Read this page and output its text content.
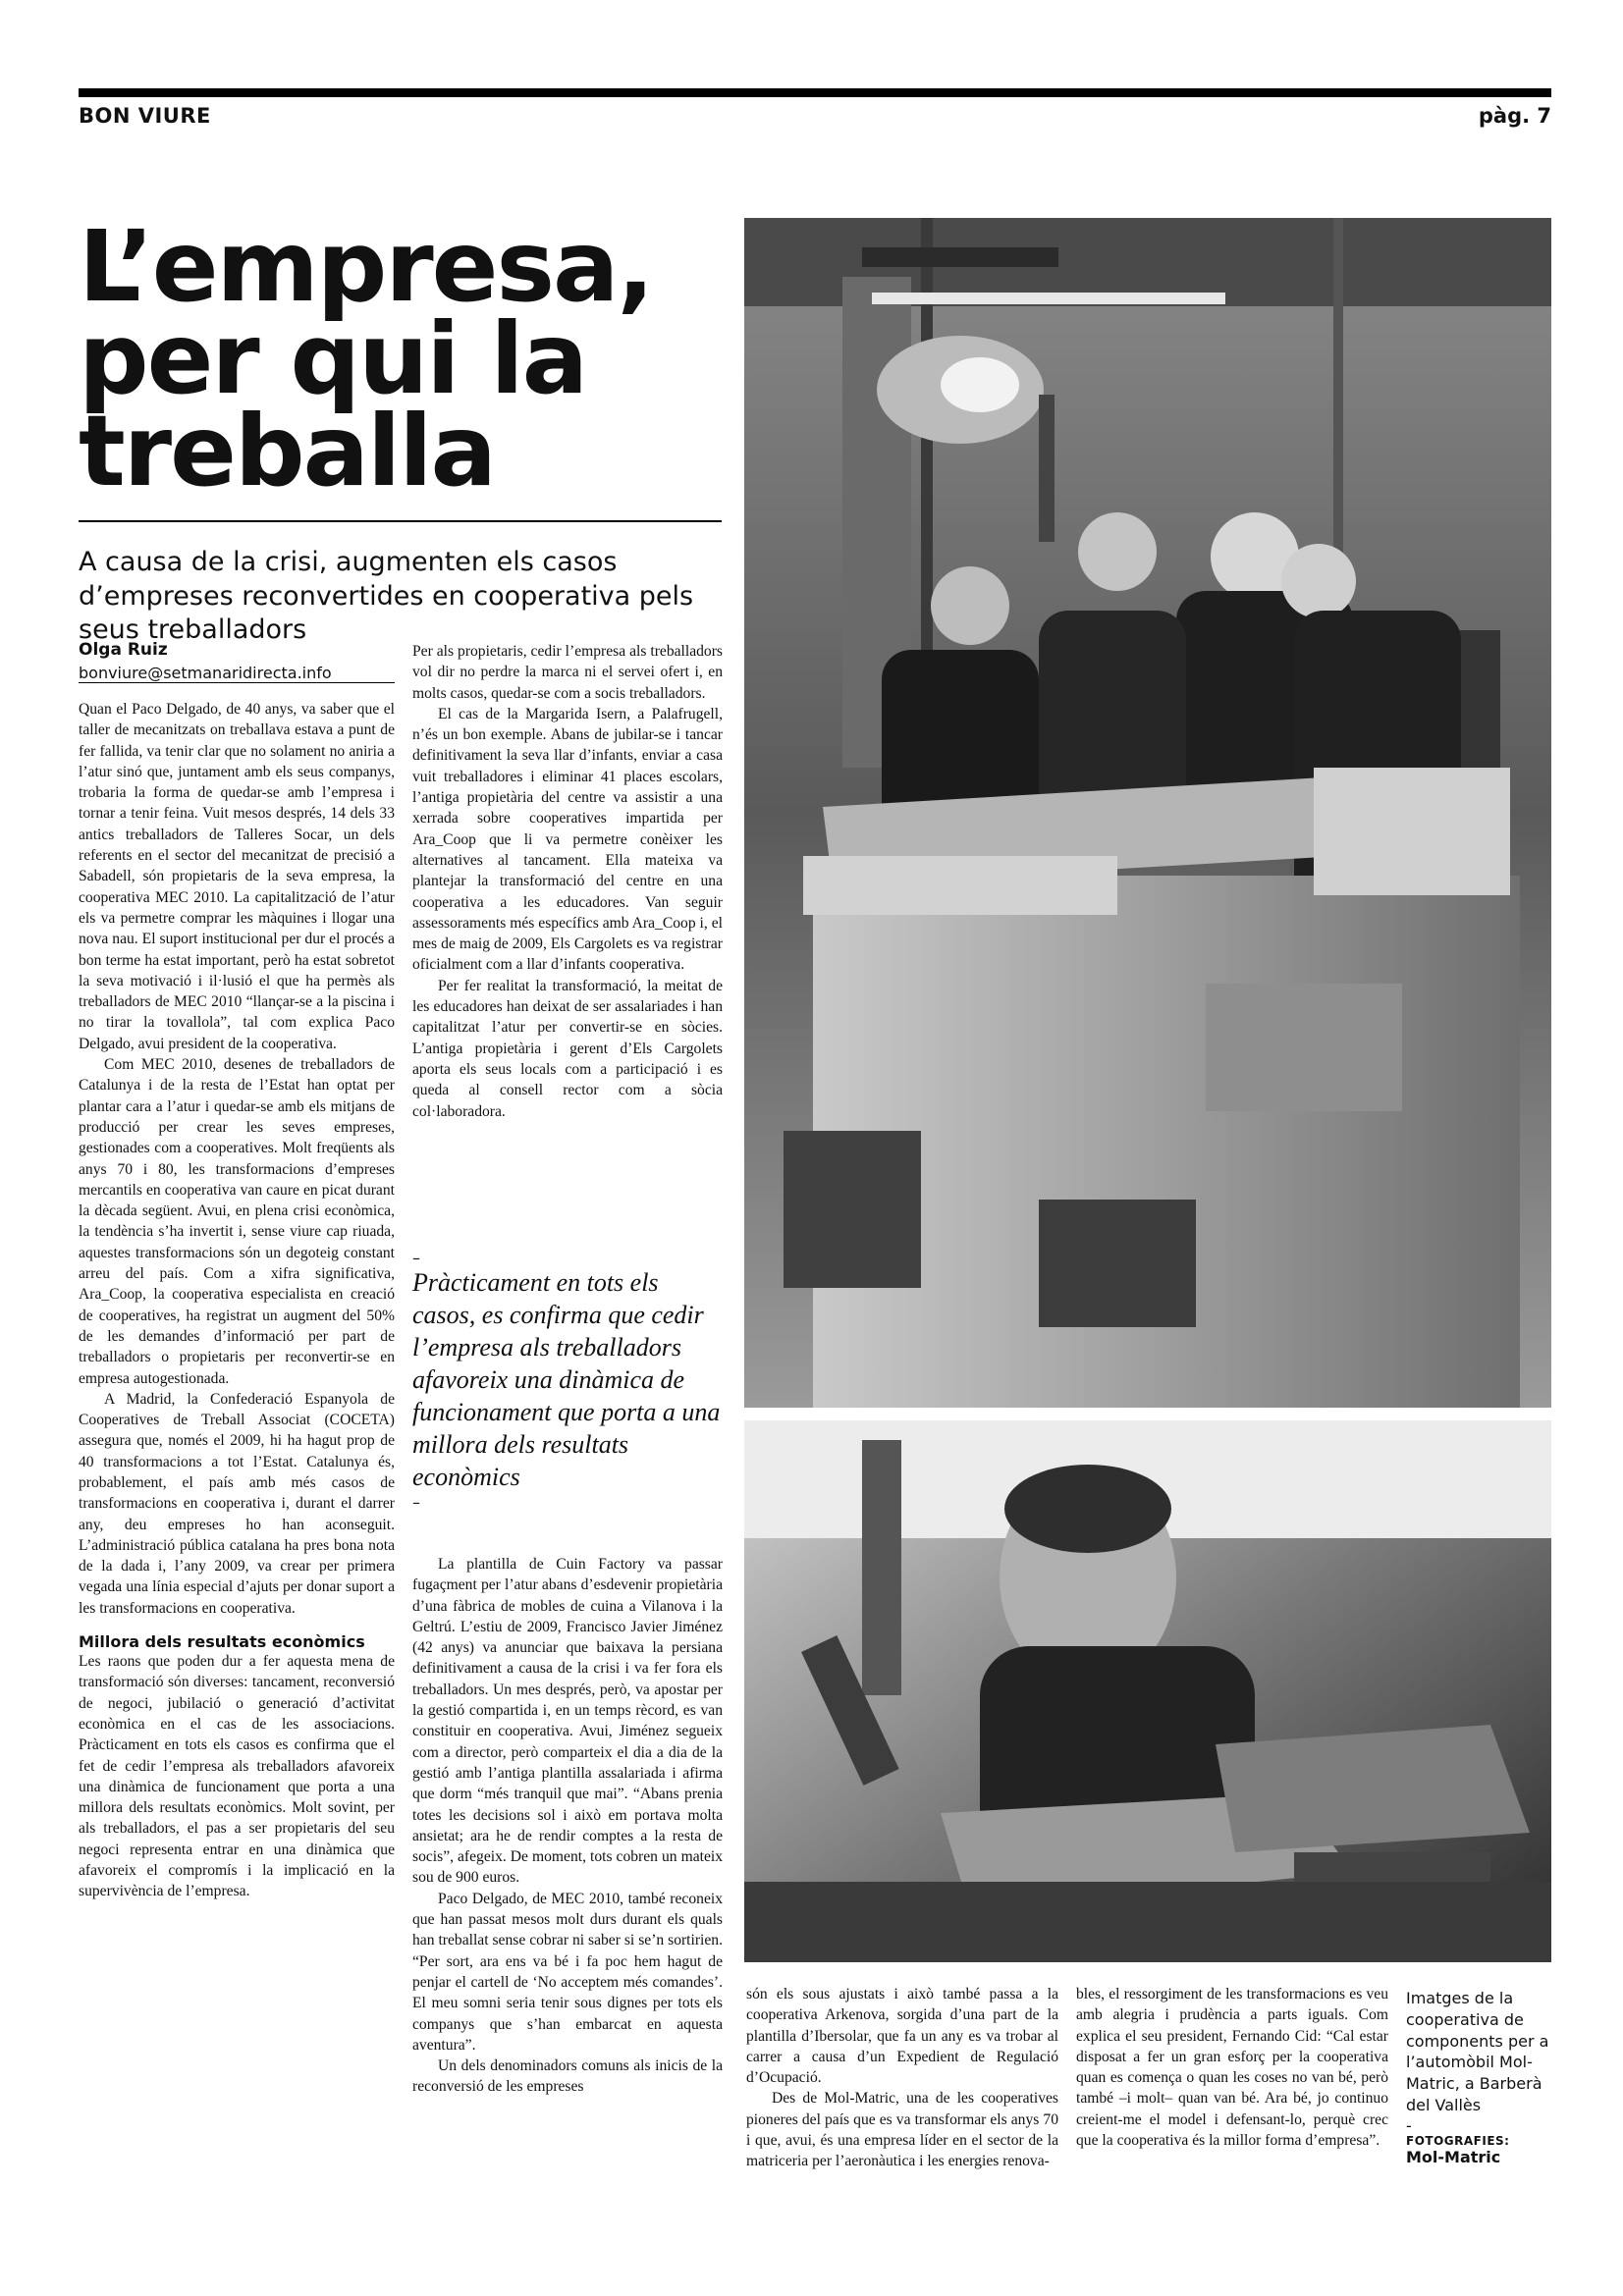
BON VIURE	pàg. 7
L’empresa,
per qui la
treballa
A causa de la crisi, augmenten els casos d’empreses reconvertides en cooperativa pels seus treballadors
Olga Ruiz
bonviure@setmanaridirecta.info

Quan el Paco Delgado, de 40 anys, va saber que el taller de mecanitzats on treballava estava a punt de fer fallida, va tenir clar que no solament no aniria a l’atur sinó que, juntament amb els seus companys, trobaria la forma de quedar-se amb l’empresa i tornar a tenir feina. Vuit mesos després, 14 dels 33 antics treballadors de Talleres Socar, un dels referents en el sector del mecanitzat de precisió a Sabadell, són propietaris de la seva empresa, la cooperativa MEC 2010. La capitalització de l’atur els va permetre comprar les màquines i llogar una nova nau. El suport institucional per dur el procés a bon terme ha estat important, però ha estat sobretot la seva motivació i il·lusió el que ha permès als treballadors de MEC 2010 “llançar-se a la piscina i no tirar la tovallola”, tal com explica Paco Delgado, avui president de la cooperativa.

Com MEC 2010, desenes de treballadors de Catalunya i de la resta de l’Estat han optat per plantar cara a l’atur i quedar-se amb els mitjans de producció per crear les seves empreses, gestionades com a cooperatives. Molt freqüents als anys 70 i 80, les transformacions d’empreses mercantils en cooperativa van caure en picat durant la dècada següent. Avui, en plena crisi econòmica, la tendència s’ha invertit i, sense viure cap riuada, aquestes transformacions són un degoteig constant arreu del país. Com a xifra significativa, Ara_Coop, la cooperativa especialista en creació de cooperatives, ha registrat un augment del 50% de les demandes d’informació per part de treballadors o propietaris per reconvertir-se en empresa autogestionada.

A Madrid, la Confederació Espanyola de Cooperatives de Treball Associat (COCETA) assegura que, només el 2009, hi ha hagut prop de 40 transformacions a tot l’Estat. Catalunya és, probablement, el país amb més casos de transformacions en cooperativa i, durant el darrer any, deu empreses ho han aconseguit. L’administració pública catalana ha pres bona nota de la dada i, l’any 2009, va crear per primera vegada una línia especial d’ajuts per donar suport a les transformacions en cooperativa.

Millora dels resultats econòmics

Les raons que poden dur a fer aquesta mena de transformació són diverses: tancament, reconversió de negoci, jubilació o generació d’activitat econòmica en el cas de les associacions. Pràcticament en tots els casos es confirma que el fet de cedir l’empresa als treballadors afavoreix una dinàmica de funcionament que porta a una millora dels resultats econòmics. Molt sovint, per als treballadors, el pas a ser propietaris del seu negoci representa entrar en una dinàmica que afavoreix el compromís i la implicació en la supervivència de l’empresa.

Per als propietaris, cedir l’empresa als treballadors vol dir no perdre la marca ni el servei ofert i, en molts casos, quedar-se com a socis treballadors.

El cas de la Margarida Isern, a Palafrugell, n’és un bon exemple. Abans de jubilar-se i tancar definitivament la seva llar d’infants, enviar a casa vuit treballadores i eliminar 41 places escolars, l’antiga propietària del centre va assistir a una xerrada sobre cooperatives impartida per Ara_Coop que li va permetre conèixer les alternatives al tancament. Ella mateixa va plantejar la transformació del centre en una cooperativa a les educadores. Van seguir assessoraments més específics amb Ara_Coop i, el mes de maig de 2009, Els Cargolets es va registrar oficialment com a llar d’infants cooperativa.

Per fer realitat la transformació, la meitat de les educadores han deixat de ser assalariades i han capitalitzat l’atur per convertir-se en sòcies. L’antiga propietària i gerent d’Els Cargolets aporta els seus locals com a participació i es queda al consell rector com a sòcia col·laboradora.

–
Pràcticament en tots els casos, es confirma que cedir l’empresa als treballadors afavoreix una dinàmica de funcionament que porta a una millora dels resultats econòmics
–

La plantilla de Cuin Factory va passar fugaçment per l’atur abans d’esdevenir propietària d’una fàbrica de mobles de cuina a Vilanova i la Geltrú. L’estiu de 2009, Francisco Javier Jiménez (42 anys) va anunciar que baixava la persiana definitivament a causa de la crisi i va fer fora els treballadors. Un mes després, però, va apostar per la gestió compartida i, en un temps rècord, es van constituir en cooperativa. Avui, Jiménez segueix com a director, però comparteix el dia a dia de la gestió amb l’antiga plantilla assalariada i afirma que dorm “més tranquil que mai”. “Abans prenia totes les decisions sol i això em portava molta ansietat; ara he de rendir comptes a la resta de socis”, afegeix. De moment, tots cobren un mateix sou de 900 euros.

Paco Delgado, de MEC 2010, també reconeix que han passat mesos molt durs durant els quals han treballat sense cobrar ni saber si se’n sortirien. “Per sort, ara ens va bé i fa poc hem hagut de penjar el cartell de ‘No acceptem més comandes’. El meu somni seria tenir sous dignes per tots els companys que s’han embarcat en aquesta aventura”.

Un dels denominadors comuns als inicis de la reconversió de les empreses

són els sous ajustats i això també passa a la cooperativa Arkenova, sorgida d’una part de la plantilla d’Ibersolar, que fa un any es va trobar al carrer a causa d’un Expedient de Regulació d’Ocupació.

Des de Mol-Matric, una de les cooperatives pioneres del país que es va transformar els anys 70 i que, avui, és una empresa líder en el sector de la matriceria per l’aeronàutica i les energies renova-

bles, el ressorgiment de les transformacions es veu amb alegria i prudència a parts iguals. Com explica el seu president, Fernando Cid: “Cal estar disposat a fer un gran esforç per la cooperativa quan es comença o quan les coses no van bé, però també –i molt– quan van bé. Ara bé, jo continuo creient-me el model i defensant-lo, perquè crec que la cooperativa és la millor forma d’empresa”.

Imatges de la cooperativa de components per a l’automòbil Mol-Matric, a Barberà del Vallès
-
FOTOGRAFIES:
Mol-Matric
